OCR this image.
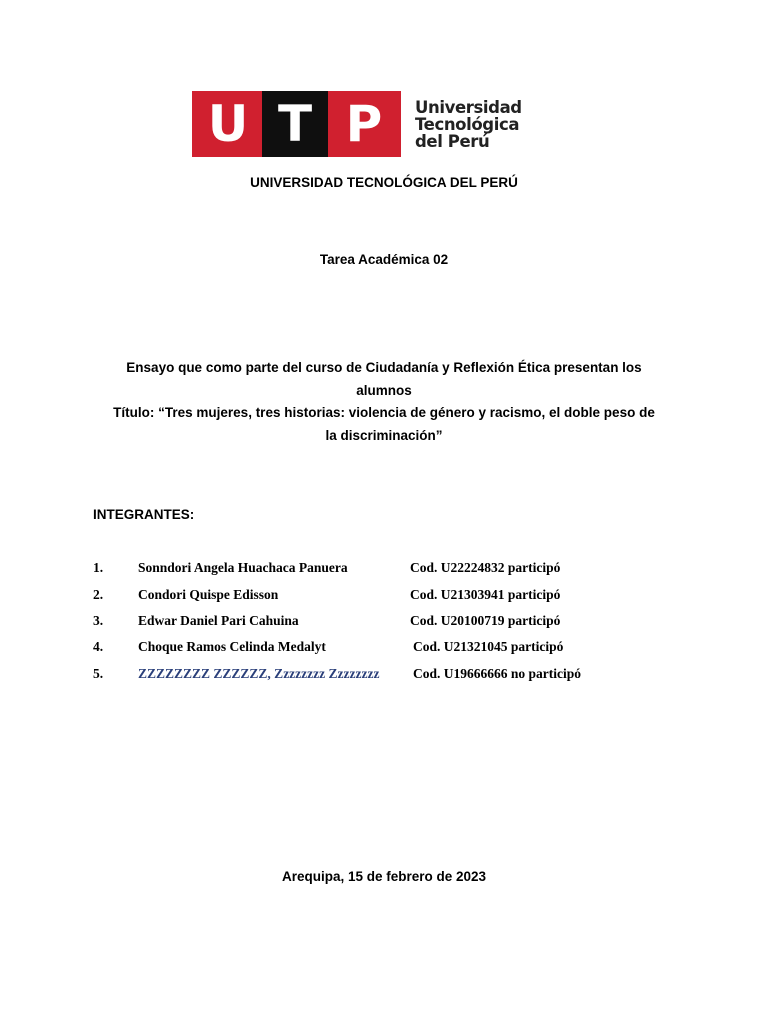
U T P	Universidad
Tecnológica
del Perú
UNIVERSIDAD TECNOLÓGICA DEL PERÚ
Tarea Académica 02
Ensayo que como parte del curso de Ciudadanía y Reflexión Ética presentan los
alumnos
Título: “Tres mujeres, tres historias: violencia de género y racismo, el doble peso de
la discriminación”
INTEGRANTES:
1.	Sonndori Angela Huachaca Panuera	Cod. U22224832 participó
2.	Condori Quispe Edisson	Cod. U21303941 participó
3.	Edwar Daniel Pari Cahuina	Cod. U20100719 participó
4.	Choque Ramos Celinda Medalyt	Cod. U21321045 participó
5.	ZZZZZZZZ ZZZZZZ, Zzzzzzzz Zzzzzzzz Cod. U19666666 no participó
Arequipa, 15 de febrero de 2023
